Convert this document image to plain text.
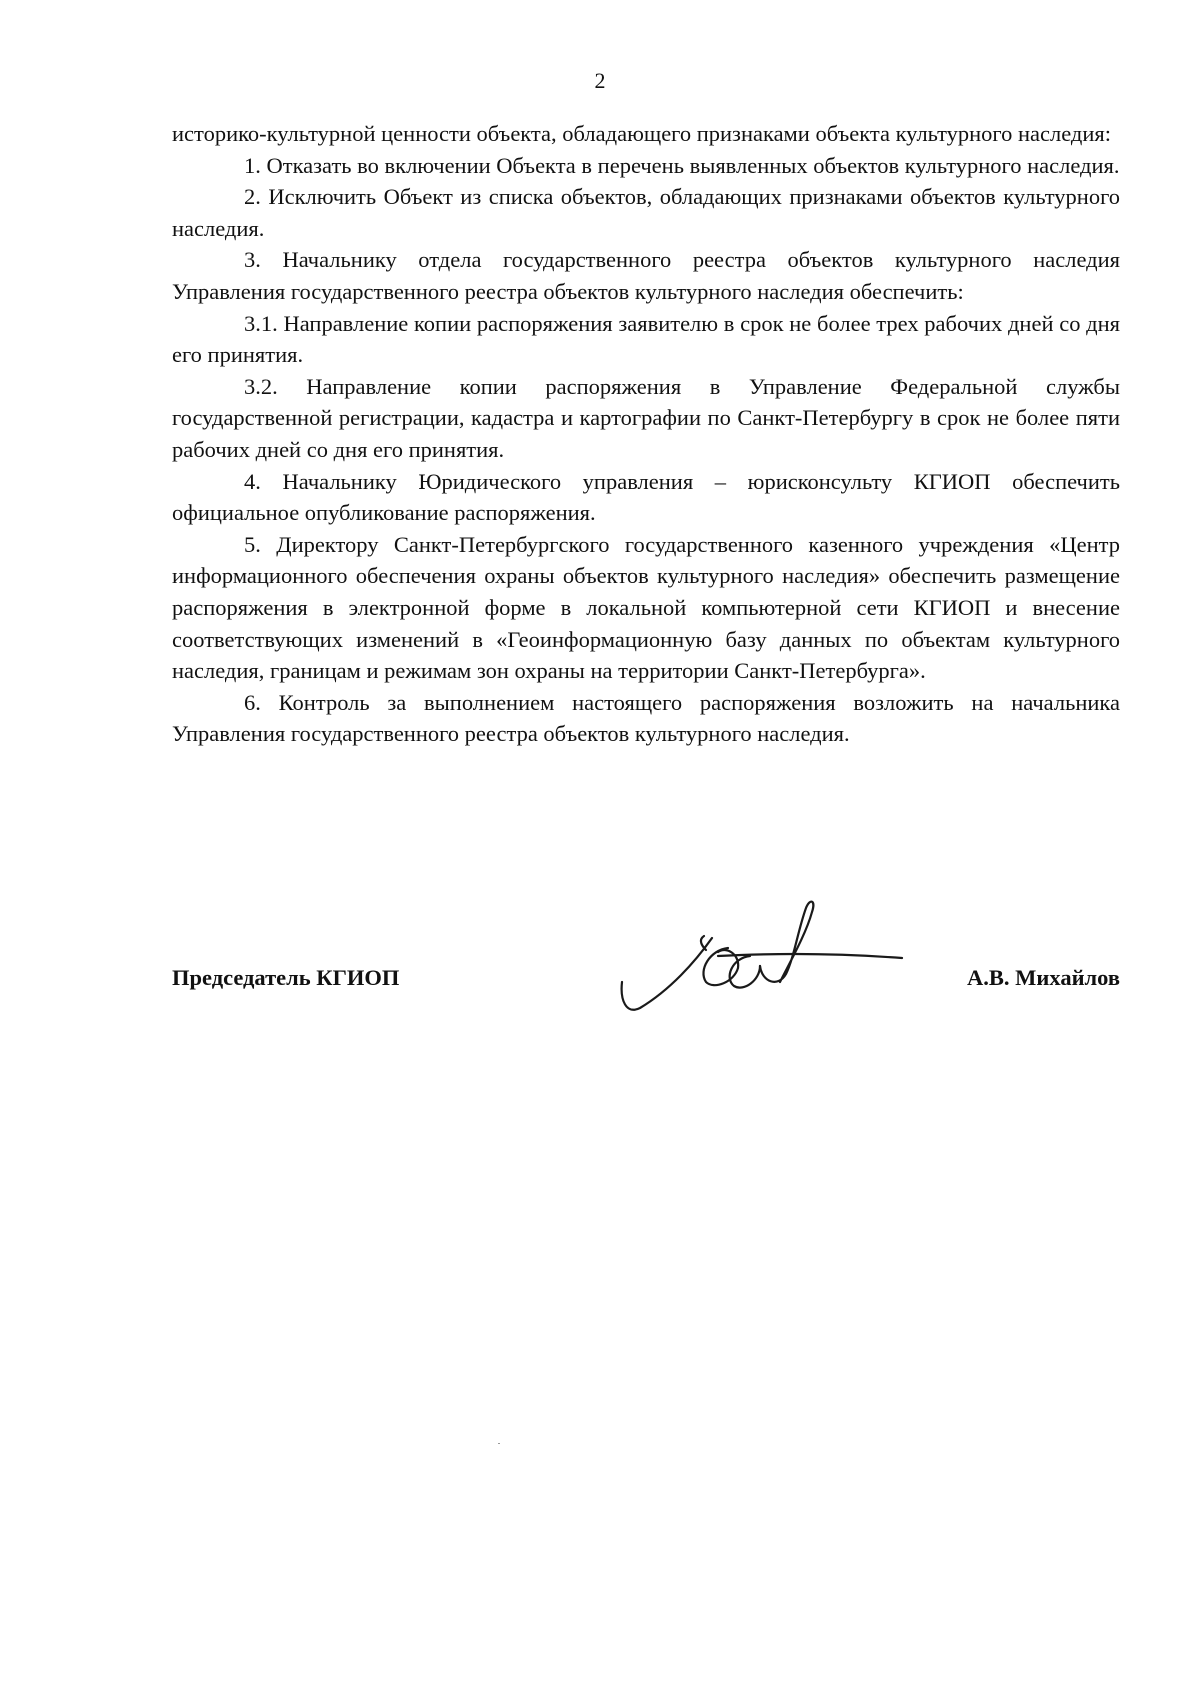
2

историко-культурной ценности объекта, обладающего признаками объекта культурного наследия:

1. Отказать во включении Объекта в перечень выявленных объектов культурного наследия.

2. Исключить Объект из списка объектов, обладающих признаками объектов культурного наследия.

3. Начальнику отдела государственного реестра объектов культурного наследия Управления государственного реестра объектов культурного наследия обеспечить:

3.1. Направление копии распоряжения заявителю в срок не более трех рабочих дней со дня его принятия.

3.2. Направление копии распоряжения в Управление Федеральной службы государственной регистрации, кадастра и картографии по Санкт-Петербургу в срок не более пяти рабочих дней со дня его принятия.

4. Начальнику Юридического управления – юрисконсульту КГИОП обеспечить официальное опубликование распоряжения.

5. Директору Санкт-Петербургского государственного казенного учреждения «Центр информационного обеспечения охраны объектов культурного наследия» обеспечить размещение распоряжения в электронной форме в локальной компьютерной сети КГИОП и внесение соответствующих изменений в «Геоинформационную базу данных по объектам культурного наследия, границам и режимам зон охраны на территории Санкт-Петербурга».

6. Контроль за выполнением настоящего распоряжения возложить на начальника Управления государственного реестра объектов культурного наследия.

Председатель КГИОП	А.В. Михайлов
